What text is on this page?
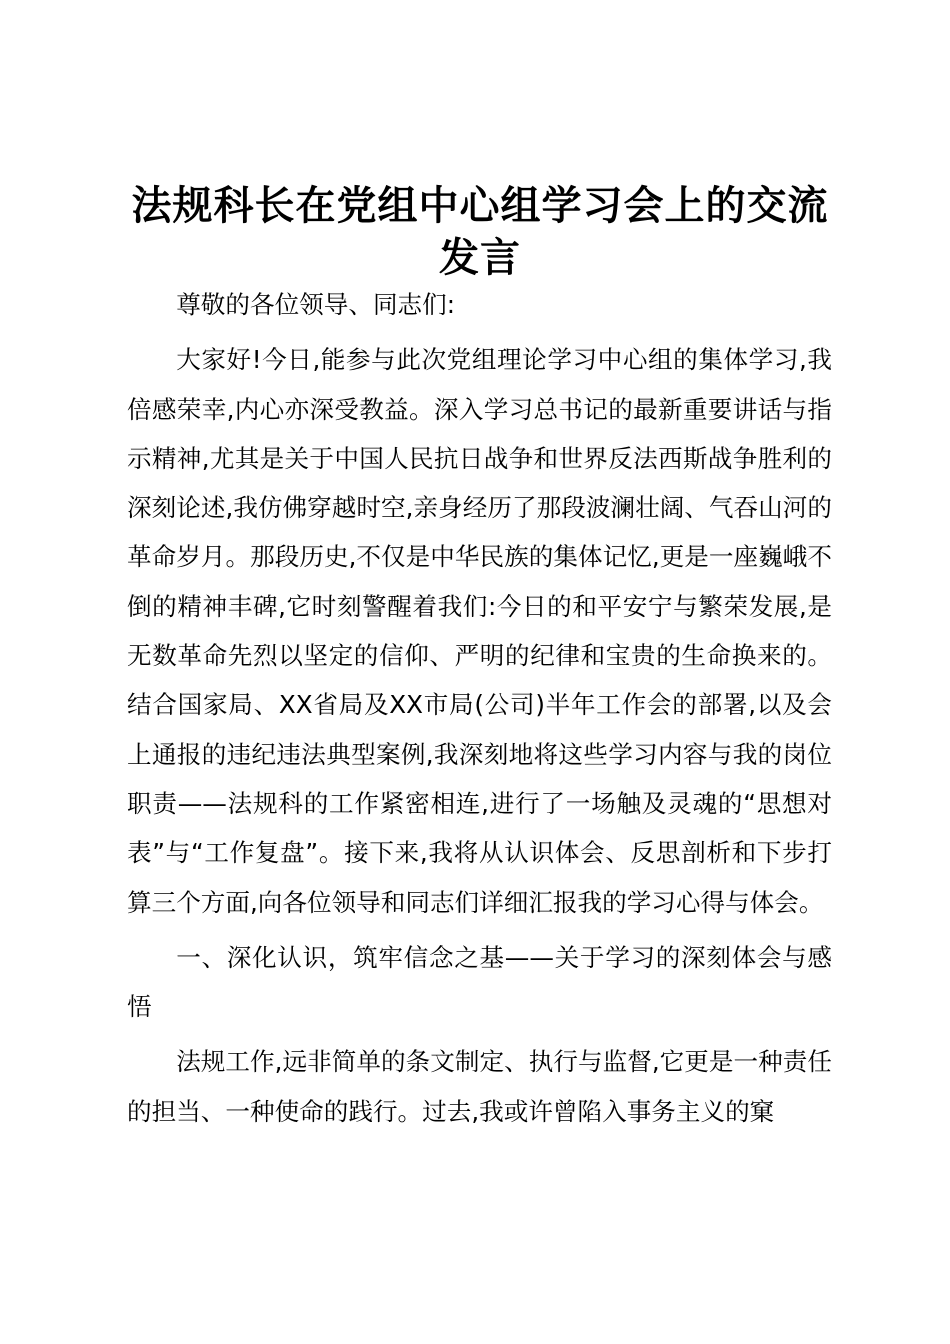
法规科长在党组中心组学习会上的交流发言

尊敬的各位领导、同志们:

大家好!今日,能参与此次党组理论学习中心组的集体学习,我倍感荣幸,内心亦深受教益。深入学习总书记的最新重要讲话与指示精神,尤其是关于中国人民抗日战争和世界反法西斯战争胜利的深刻论述,我仿佛穿越时空,亲身经历了那段波澜壮阔、气吞山河的革命岁月。那段历史,不仅是中华民族的集体记忆,更是一座巍峨不倒的精神丰碑,它时刻警醒着我们:今日的和平安宁与繁荣发展,是无数革命先烈以坚定的信仰、严明的纪律和宝贵的生命换来的。结合国家局、XX省局及XX市局(公司)半年工作会的部署,以及会上通报的违纪违法典型案例,我深刻地将这些学习内容与我的岗位职责——法规科的工作紧密相连,进行了一场触及灵魂的“思想对表”与“工作复盘”。接下来,我将从认识体会、反思剖析和下步打算三个方面,向各位领导和同志们详细汇报我的学习心得与体会。

一、深化认识，筑牢信念之基——关于学习的深刻体会与感悟

法规工作,远非简单的条文制定、执行与监督,它更是一种责任的担当、一种使命的践行。过去,我或许曾陷入事务主义的窠
